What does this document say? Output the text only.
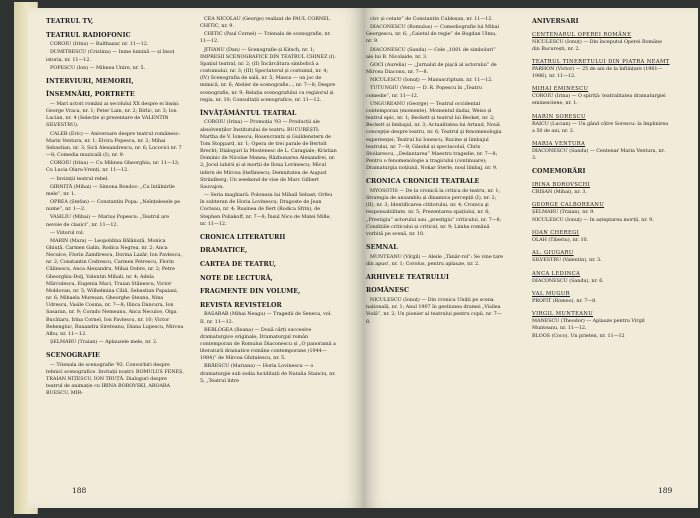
TEATRUL TV,
TEATRUL RADIOFONIC

COROIU (Irina) — Balthazar, nr. 11—12.

DUMITRESCU (Cristina) — Inme lumină — și însoț istoria, nr. 11—12.

POPESCU (Ion) — Mihnea Unire, nr. 5.

INTERVIURI, MEMORII,
ÎNSEMNĂRI, PORTRETE

— Mari actori români ai secolului XX despre ei înșiși: George Vraca, nr. 1; Peter Lain, nr. 2; Birlic, nr. 3; Ion Lucian, nr. 4 (Selecție și prezentare de VALENTIN SILVESTRU).

CALER (Eric) — Aniversare despre teatrul românesc: Marin Ventura, nr. 1; Elvira Popescu, nr. 2; Mihai Sebastian, nr. 3; Sică Alexandrescu, nr. 6; Lucovici nr. 7—8; Comedia muzicală (I), nr. 9.

COROIU (Irina) — Cu Mihnea Gheorghiu, nr. 11—12; Cu Lucia Olaru-Vrenți, nr. 11—12.

— Inviinții teatrul rebel.

GIRNIȚĂ (Mihai) — Simona Bondoc: „Cu întâlnirile mele”, nr. 1.

OPREA (Ștefan) — Constantin Popa: „Neînțelesele pe nume”, nr. 1—2.

VASILIU (Mihai) — Marius Popescu: „Teatrul are nevoie de clasici”, nr. 11—12.

— Viitorul rol.

MARIN (Mara) — Leopoldina Bălănuță, Monica Ghiuță, Carmen Galin, Rodica Negrea, nr. 2; Anca Neculce, Florin Zamfirescu, Dorina Lazăr, Ion Pavlescu, nr. 2; Constantin Codrescu, Carmen Petrescu, Florin Călinescu, Anca Alexandru, Mihai Dobre, nr. 2; Petre Gheorghiu-Dolj, Valentin Mihali, nr. 4; Adela Mărculescu, Eugenia Maci, Traian Stănescu, Victor Moldovan, nr. 5; Wilhelmina Cătă, Sebastian Papaiani, nr. 6; Mihaela Mureșan, Gheorghe Șteanu, Nina Udrescu, Vasile Cosma, nr. 7—8; Ilinca Dancura, Ion Sasaran, nr. 9; Corado Nemeanu, Anca Neculce, Olga Bucătaru, Irina Cornel, Ion Pavlescu, nr. 10; Victor Rebengiuc, Ruxandra Sireteanu, Diana Lupescu, Mircea Albu, nr. 11—12.

ȘELMARU (Traian) — Aplauzele mele, nr. 2.

SCENOGRAFIE

— Trienala de scenografie '93. Convorbiri despre tehnici scenografice. Invitații noștri: ROMULUS FENEȘ, TRAIAN NIȚESCU, ION TRUȚĂ. Dialoguri despre teatrul de animație cu IRINA BOROVSKI, AROARA BUESCU, MIR-

CEA NICOLAU (George) realizat de PAUL CORNEL CHITIC, nr. 9.

CHITIC (Paul Cornel) — Trienala de scenografie, nr. 11—12.

JITIANU (Dan) — Scenografie și Kitsch, nr. 1; IMPRESII SCENOGRAFICE DIN TEATRUL CHINEZ (I). Spațiul teatral, nr. 2; (II) Încărcătura simbolică a costumului, nr. 3; (III) Spectatorul și costumul, nr. 4; (IV) Scenografia de sală, nr. 5; Masca — un joc de mimică, nr. 6; Atelier de scenografie..., nr. 7—8; Despre scenografie, nr. 9; Relația scenografului cu regizorul și regia, nr. 10; Consultații scenografice, nr. 11—12.

ÎNVĂȚĂMÂNTUL TEATRAL

COROIU (Irina) — Promoția '93 — Producții ale absolvenților Institutului de teatru. BUCUREȘTI: Martha de V. Ionescu; Rosencrantz și Guildenstern de Tom Stoppard, nr. 1; Opera de trei parale de Bertolt Brecht; Dialoguri la Mostenesc de L. Caragiale; Kristian Dominic de Nicolae Manea; Răzbunarea Alexandrei, nr. 2; Jocul iubirii și al morții de Ilona Lovinescu; Micul infern de Mircea Ștefănescu; Demnitatea de August Strindberg; Un weekend de vise de Marc Gilbert Sauvajon.

— Seria maghiară: Poloneza lui Mihail Sebast; Orfeu în subteran de Horia Lovinescu; Dragoste de Jean Cocteau, nr. 4; Rușinea de fiert (Rodica Sfrin), de Stephen Poliakoff, nr. 7—8; Însul Nico de Matei Mille, nr. 11—12.

CRONICA LITERATURII
DRAMATICE,
CARTEA DE TEATRU,
NOTE DE LECTURĂ,
FRAGMENTE DIN VOLUME,
REVISTA REVISTELOR

BASARAB (Mihai Neagu) — Tragedii de Seneca, vol. II, nr. 11—12.

BERLOGEA (Ileana) — Două cărți succesive dramaturgice originale; Dramaturgul român contemporan de Romulus Diaconescu și „O panoramă a literaturii dramatice române contemporane (1944—1984)” de Mircea Ghițulescu, nr. 5.

BRĂESCU (Mariana) — Horia Lovinescu — o dramaturgie sub zodia luciditații de Natalia Stanciu, nr. 5; „Teatrul între

circ și cetate” de Constantin Cubleșan, nr. 11—12.

DIACONESCU (Romulus) — Comediografie lui Mihai Georgescu, nr. 6; „Caietul de regie” de Bogdan Ulmu, nr. 9.

DIACONESCU (Sandu) — Cele „1001 de simboluri” ale lui B. Nicolaide, nr. 3.

GOCI (Aurelia) — „Jurnalul de pişcă al actorului” de Mircea Diaconu, nr. 7—8.

NICULESCU (Ionuț) — Manuscriptum, nr. 11—12.

TUTUNGIU (Vera) — D. R. Popescu în „Teatru comedie”, nr. 11—12.

UNGUREANU (George) — Teatrul occidental contemporan (momente). Momentul dadai, Weiss și teatrul epic, nr. 1; Beckett și teatrul lui Becket, nr. 2; Beckett și limbajul, nr. 3; Actualitatea lui Artaud, Nouă concepție despre teatru, nr. 6; Teatrul şi fenomenologia experienţei; Teatrul lui Ionescu, Rucine și limbajul teatrului, nr. 7—8; Gândul și spectacolul, Chris Stoilarescu, „Dedantarea” Maestru tragedie, nr. 7—8; Pentru o fenomenologie a tragicului (continuare); Dramaturgia noțiunii, Nokar Sterle, noul limbaj, nr. 9.

CRONICA CRONICII TEATRALE

MYOSOTIS — De la cronică la critica de teatru, nr. 1; Strategia de ansamblu și dinamica percepții (I), nr. 2; (II), nr. 3; Identificarea cititorului, nr. 4; Cronica şi responsabilitate, nr. 5; Prezentarea spațiului, nr. 6; „Prestigiu” actorului sau „prestigiu” criticului, nr. 7—8; Condițiile criticului și criticul, nr. 9; Limba română vorbită pe scenă, nr. 10.

SEMNAL

MUNTEANU (Virgil) — Aleile „Tânăr-rol”: Se vine tare din apus!, nr. 1; Corolus, pentru aplauze, nr. 2.

ARHIVELE TEATRULUI
ROMÂNESC

NICULESCU (Ionuț) — Din cronica Uniții pe scena națională, nr. 1; Anul 1907 în gestiunea dramei „Visilea Vodă”, nr. 2; Un pionier al teatrului pentru copii, nr. 7—8.

ANIVERSARI
CENTENARUL OPEREI ROMÂNE

NICULESCU (Ionuț) — Din începutul Operei Române din București, nr. 2.

TEATRUL TINERETULUI DIN PIATRA NEAMȚ

PARHON (Victor) — 25 de ani de la înființare (1961—1986), nr. 11—12.

MIHAI EMINESCU

COROIU (Irina) — O spiriță: teatralitatea dramaturgiei eminesciene, nr. 1.

MARIN SORESCU

RAICU (Lucian) — Un gând către Sorescu: la împlinirea a 50 de ani, nr. 2.

MARIA VENTURA

DIACONESCU (Sandu) — Centenar Maria Ventura, nr. 3.

COMEMORĂRI
IRINA BOROVSCHI

CRIȘAN (Mihai), nr. 3.

GEORGE CALBOREANU

ȘELMARU (Traian), nr. 9.

NICULESCU (Ionuț) — In așteptarea morții, nr. 9.

IOAN CHEREGI

OLAH (Tiberiu), nr. 10.

AL. GIUGARU

SILVESTRU (Valentin), nr. 3.

ANCA LEDINCA

DIACONESCU (Sandu), nr. 6.

VAL MUGUR

PROFIT (Romeo), nr. 7—8.

VIRGIL MUNTEANU

MANESCU (Theodor) — Aplauze pentru Virgil Munteanu, nr. 11—12.

BLOOS (Coco), Un prieten, nr. 11—12

188	189
